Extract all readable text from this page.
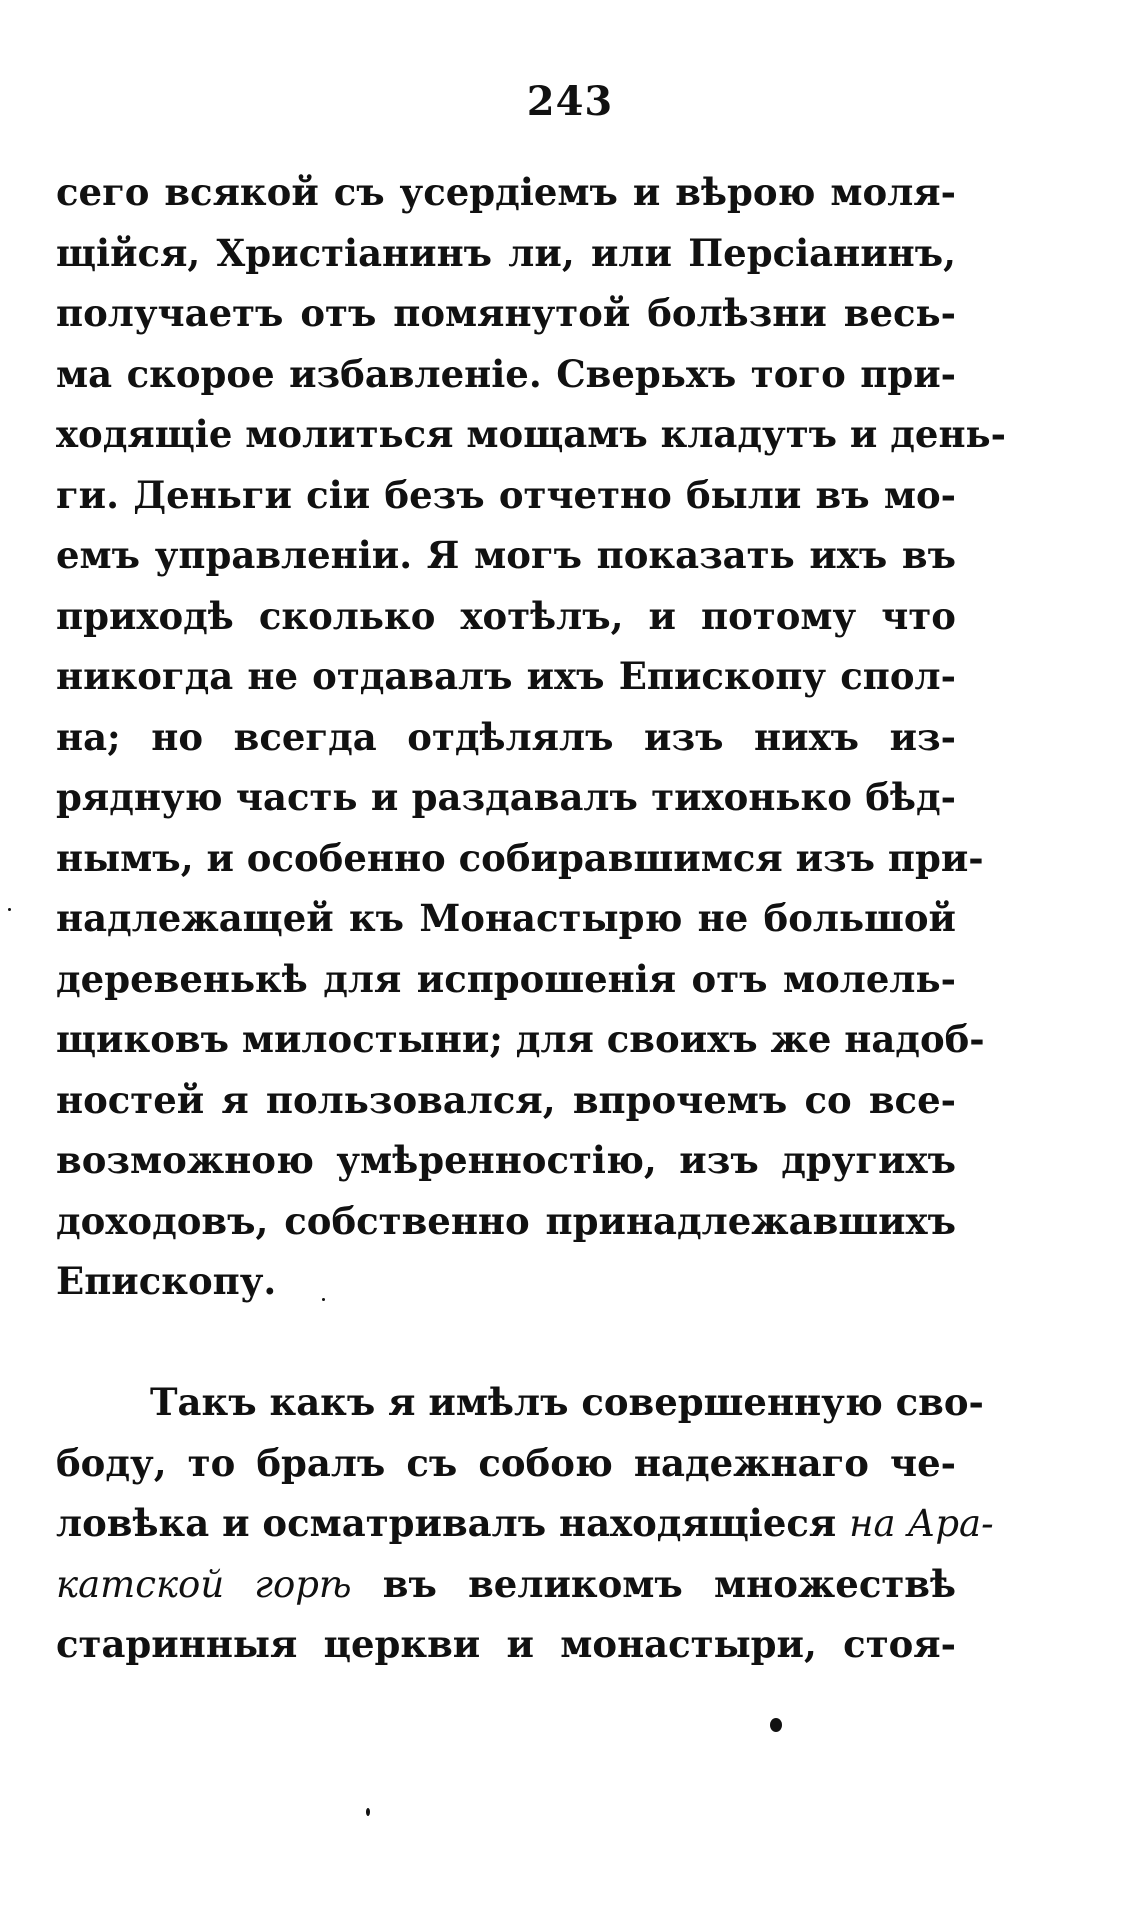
243
сего всякой съ усердіемъ и вѣрою моля-
щійся, Христіанинъ ли, или Персіанинъ,
получаетъ отъ помянутой болѣзни весь-
ма скорое избавленіе. Сверьхъ того при-
ходящіе молиться мощамъ кладутъ и день-
ги. Деньги сіи безъ отчетно были въ мо-
емъ управленіи. Я могъ показать ихъ въ
приходѣ сколько хотѣлъ, и потому что
никогда не отдавалъ ихъ Епископу спол-
на; но всегда отдѣлялъ изъ нихъ из-
рядную часть и раздавалъ тихонько бѣд-
нымъ, и особенно собиравшимся изъ при-
надлежащей къ Монастырю не большой
деревенькѣ для испрошенія отъ молель-
щиковъ милостыни; для своихъ же надоб-
ностей я пользовался, впрочемъ со все-
возможною умѣренностію, изъ другихъ
доходовъ, собственно принадлежавшихъ
Епископу.
Такъ какъ я имѣлъ совершенную сво-
боду, то бралъ съ собою надежнаго че-
ловѣка и осматривалъ находящіеся на Ара-
катской горѣ въ великомъ множествѣ
старинныя церкви и монастыри, стоя-
